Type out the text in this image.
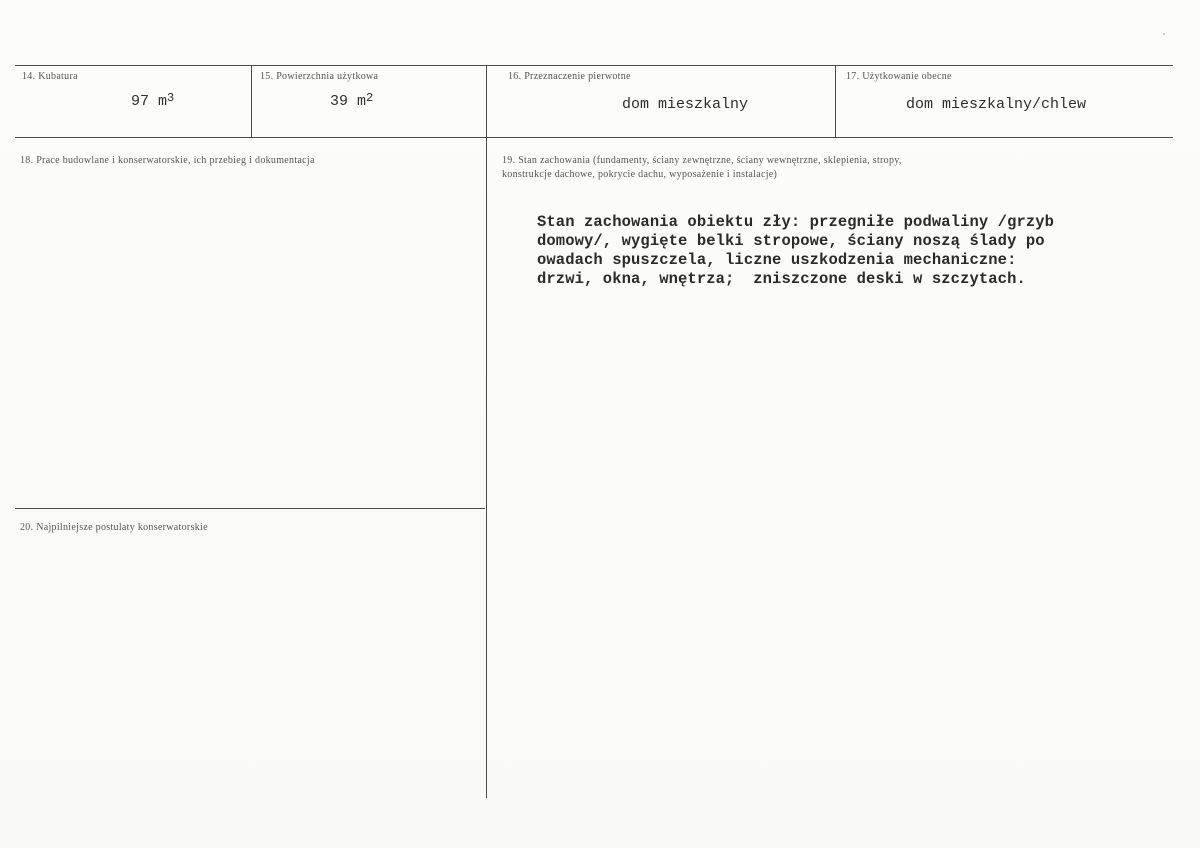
14. Kubatura
97 $m^3$
15. Powierzchnia użytkowa
39 $m^2$
16. Przeznaczenie pierwotne
dom mieszkalny
17. Użytkowanie obecne
dom mieszkalny/chlew
18. Prace budowlane i konserwatorskie, ich przebieg i dokumentacja	19. Stan zachowania (fundamenty, ściany zewnętrzne, ściany wewnętrzne, sklepienia, stropy,
konstrukcje dachowe, pokrycie dachu, wyposażenie i instalacje)
Stan zachowania obiektu zły: przegniłe podwaliny /grzyb
domowy/, wygięte belki stropowe, ściany noszą ślady po
owadach spuszczela, liczne uszkodzenia mechaniczne:
drzwi, okna, wnętrza;  zniszczone deski w szczytach.
20. Najpilniejsze postulaty konserwatorskie
